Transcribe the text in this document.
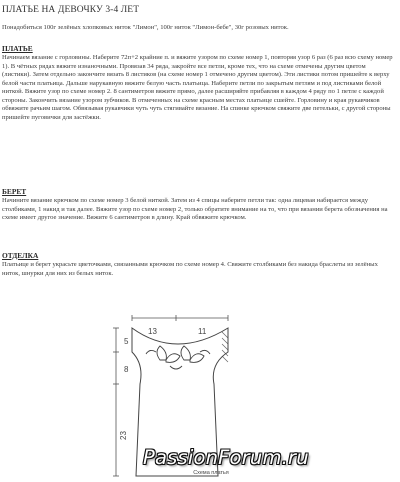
ПЛАТЬЕ НА ДЕВОЧКУ 3-4 ЛЕТ
Понадобиться 100г зелёных хлопковых ниток "Лимон", 100г ниток "Лимон-бебе", 30г розовых ниток.
ПЛАТЬЕ
Начинаем вязание с горловины. Наберите 72п+2 крайние п. и вяжите узором по схеме номер 1, повторяя узор 6 раз (6 раз всю схему номер 1). В чётных рядах вяжите изнаночными. Провязав 34 ряда, закройте все петли, кроме тех, что на схеме отмечены другим цветом (листики). Затем отдельно закончите вязать 8 листиков (на схеме номер 1 отмечено другим цветом). Эти листики потом пришейте к верху белой части платьица. Дальше нарукавную вяжите белую часть платьица. Наберите петли по закрытым петлям и под листиками белой ниткой. Вяжите узор по схеме номер 2. 8 сантиметров вяжите прямо, далее расширяйте прибавляя в каждом 4 ряду по 1 петле с каждой стороны. Закончить вязание узором зубчиков. В отмеченных на схеме красным местах платьице сшейте. Горловину и края рукавчиков обвяжите рачьим шагом. Обвязывая рукавчики чуть чуть стягивайте вязание. На спинке крючком свяжите две петельки, с другой стороны пришейте пуговички для застёжки.
БЕРЕТ
Начините вязание крючком по схеме номер 3 белой ниткой. Затем из 4 спицы наберите петли так: одна лицевая набирается между столбиками, 1 накид и так далее. Вяжите узор по схеме номер 2, только обратите внимание на то, что при вязании берета обозначения на схеме имеет другое значение. Вяжите 6 сантиметров в длину. Край обвяжите крючком.
ОТДЕЛКА
Платьице и берет украсьте цветочками, связанными крючком по схеме номер 4. Свяжите столбиками без накида браслеты из зелёных ниток, шнурки для них из белых ниток.
13	11
5
8
23
Схема платья
PassionForum.ru
